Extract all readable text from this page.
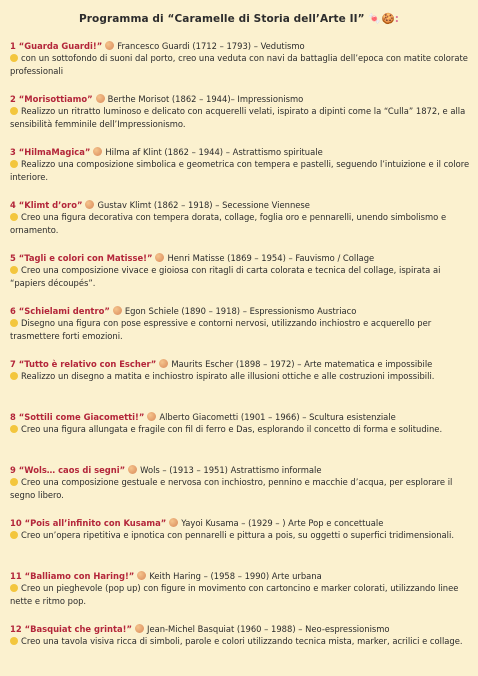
Programma di “Caramelle di Storia dell’Arte II” 🍬🍪:
1 “Guarda Guardi!” Francesco Guardi (1712 – 1793) – Vedutismo
con un sottofondo di suoni dal porto, creo una veduta con navi da battaglia dell’epoca con matite colorate professionali
2 “Morisottiamo” Berthe Morisot (1862 – 1944)– Impressionismo
Realizzo un ritratto luminoso e delicato con acquerelli velati, ispirato a dipinti come la “Culla” 1872, e alla sensibilità femminile dell’Impressionismo.
3 “HilmaMagica” Hilma af Klint (1862 – 1944) – Astrattismo spirituale
Realizzo una composizione simbolica e geometrica con tempera e pastelli, seguendo l’intuizione e il colore interiore.
4 “Klimt d’oro” Gustav Klimt (1862 – 1918) – Secessione Viennese
Creo una figura decorativa con tempera dorata, collage, foglia oro e pennarelli, unendo simbolismo e ornamento.
5 “Tagli e colori con Matisse!” Henri Matisse (1869 – 1954) – Fauvismo / Collage
Creo una composizione vivace e gioiosa con ritagli di carta colorata e tecnica del collage, ispirata ai “papiers découpés”.
6 “Schielami dentro” Egon Schiele (1890 – 1918) – Espressionismo Austriaco
Disegno una figura con pose espressive e contorni nervosi, utilizzando inchiostro e acquerello per trasmettere forti emozioni.
7 “Tutto è relativo con Escher” Maurits Escher (1898 – 1972) – Arte matematica e impossibile
Realizzo un disegno a matita e inchiostro ispirato alle illusioni ottiche e alle costruzioni impossibili.
8 “Sottili come Giacometti!” Alberto Giacometti (1901 – 1966) – Scultura esistenziale
Creo una figura allungata e fragile con fil di ferro e Das, esplorando il concetto di forma e solitudine.
9 “Wols… caos di segni” Wols – (1913 – 1951) Astrattismo informale
Creo una composizione gestuale e nervosa con inchiostro, pennino e macchie d’acqua, per esplorare il segno libero.
10 “Pois all’infinito con Kusama” Yayoi Kusama – (1929 – ) Arte Pop e concettuale
Creo un’opera ripetitiva e ipnotica con pennarelli e pittura a pois, su oggetti o superfici tridimensionali.
11 “Balliamo con Haring!” Keith Haring – (1958 – 1990) Arte urbana
Creo un pieghevole (pop up) con figure in movimento con cartoncino e marker colorati, utilizzando linee nette e ritmo pop.
12 “Basquiat che grinta!” Jean-Michel Basquiat (1960 – 1988) – Neo-espressionismo
Creo una tavola visiva ricca di simboli, parole e colori utilizzando tecnica mista, marker, acrilici e collage.
